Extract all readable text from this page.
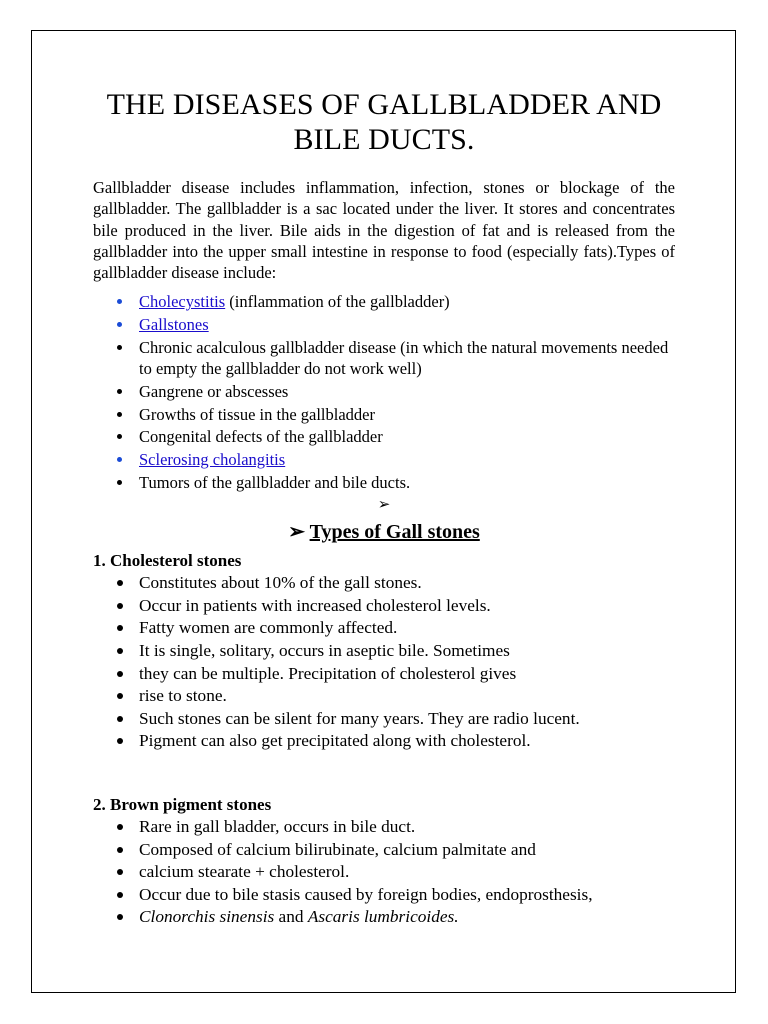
THE DISEASES OF GALLBLADDER AND
BILE DUCTS.

Gallbladder disease includes inflammation, infection, stones or blockage of the gallbladder. The gallbladder is a sac located under the liver. It stores and concentrates bile produced in the liver. Bile aids in the digestion of fat and is released from the gallbladder into the upper small intestine in response to food (especially fats).Types of gallbladder disease include:

Cholecystitis (inflammation of the gallbladder)
Gallstones
Chronic acalculous gallbladder disease (in which the natural movements needed to empty the gallbladder do not work well)
Gangrene or abscesses
Growths of tissue in the gallbladder
Congenital defects of the gallbladder
Sclerosing cholangitis
Tumors of the gallbladder and bile ducts.
➢
➢ Types of Gall stones

1. Cholesterol stones

Constitutes about 10% of the gall stones.
Occur in patients with increased cholesterol levels.
Fatty women are commonly affected.
It is single, solitary, occurs in aseptic bile. Sometimes
they can be multiple. Precipitation of cholesterol gives
rise to stone.
Such stones can be silent for many years. They are radio lucent.
Pigment can also get precipitated along with cholesterol.

2. Brown pigment stones

Rare in gall bladder, occurs in bile duct.
Composed of calcium bilirubinate, calcium palmitate and
calcium stearate + cholesterol.
Occur due to bile stasis caused by foreign bodies, endoprosthesis,
Clonorchis sinensis and Ascaris lumbricoides.
